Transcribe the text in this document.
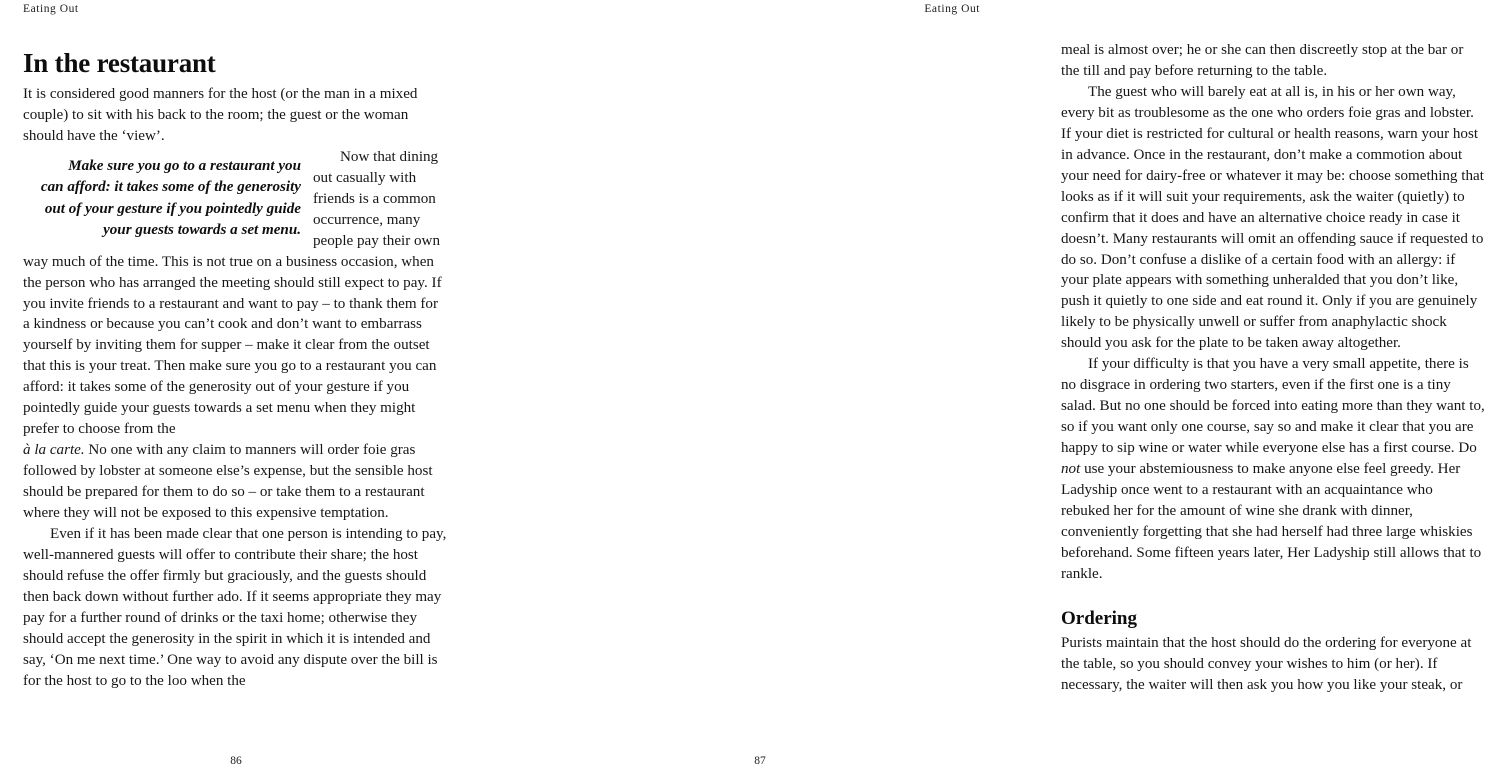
Eating Out
In the restaurant

It is considered good manners for the host (or the man in a mixed couple) to sit with his back to the room; the guest or the woman should have the ‘view’.

Make sure you go to a restaurant you can afford: it takes some of the generosity out of your gesture if you pointedly guide your guests towards a set menu.
Now that dining out casually with friends is a common occurrence, many people pay their own way much of the time. This is not true on a business occasion, when the person who has arranged the meeting should still expect to pay. If you invite friends to a restaurant and want to pay – to thank them for a kindness or because you can’t cook and don’t want to embarrass yourself by inviting them for supper – make it clear from the outset that this is your treat. Then make sure you go to a restaurant you can afford: it takes some of the generosity out of your gesture if you pointedly guide your guests towards a set menu when they might prefer to choose from the

à la carte. No one with any claim to manners will order foie gras followed by lobster at someone else’s expense, but the sensible host should be prepared for them to do so – or take them to a restaurant where they will not be exposed to this expensive temptation.

Even if it has been made clear that one person is intending to pay, well-mannered guests will offer to contribute their share; the host should refuse the offer firmly but graciously, and the guests should then back down without further ado. If it seems appropriate they may pay for a further round of drinks or the taxi home; otherwise they should accept the generosity in the spirit in which it is intended and say, ‘On me next time.’ One way to avoid any dispute over the bill is for the host to go to the loo when the

86
Eating Out

meal is almost over; he or she can then discreetly stop at the bar or the till and pay before returning to the table.

The guest who will barely eat at all is, in his or her own way, every bit as troublesome as the one who orders foie gras and lobster. If your diet is restricted for cultural or health reasons, warn your host in advance. Once in the restaurant, don’t make a commotion about your need for dairy-free or whatever it may be: choose something that looks as if it will suit your requirements, ask the waiter (quietly) to confirm that it does and have an alternative choice ready in case it doesn’t. Many restaurants will omit an offending sauce if requested to do so. Don’t confuse a dislike of a certain food with an allergy: if your plate appears with something unheralded that you don’t like, push it quietly to one side and eat round it. Only if you are genuinely likely to be physically unwell or suffer from anaphylactic shock should you ask for the plate to be taken away altogether.

If your difficulty is that you have a very small appetite, there is no disgrace in ordering two starters, even if the first one is a tiny salad. But no one should be forced into eating more than they want to, so if you want only one course, say so and make it clear that you are happy to sip wine or water while everyone else has a first course. Do not use your abstemiousness to make anyone else feel greedy. Her Ladyship once went to a restaurant with an acquaintance who rebuked her for the amount of wine she drank with dinner, conveniently forgetting that she had herself had three large whiskies beforehand. Some fifteen years later, Her Ladyship still allows that to rankle.

Ordering

Purists maintain that the host should do the ordering for everyone at the table, so you should convey your wishes to him (or her). If necessary, the waiter will then ask you how you like your steak, or

87
